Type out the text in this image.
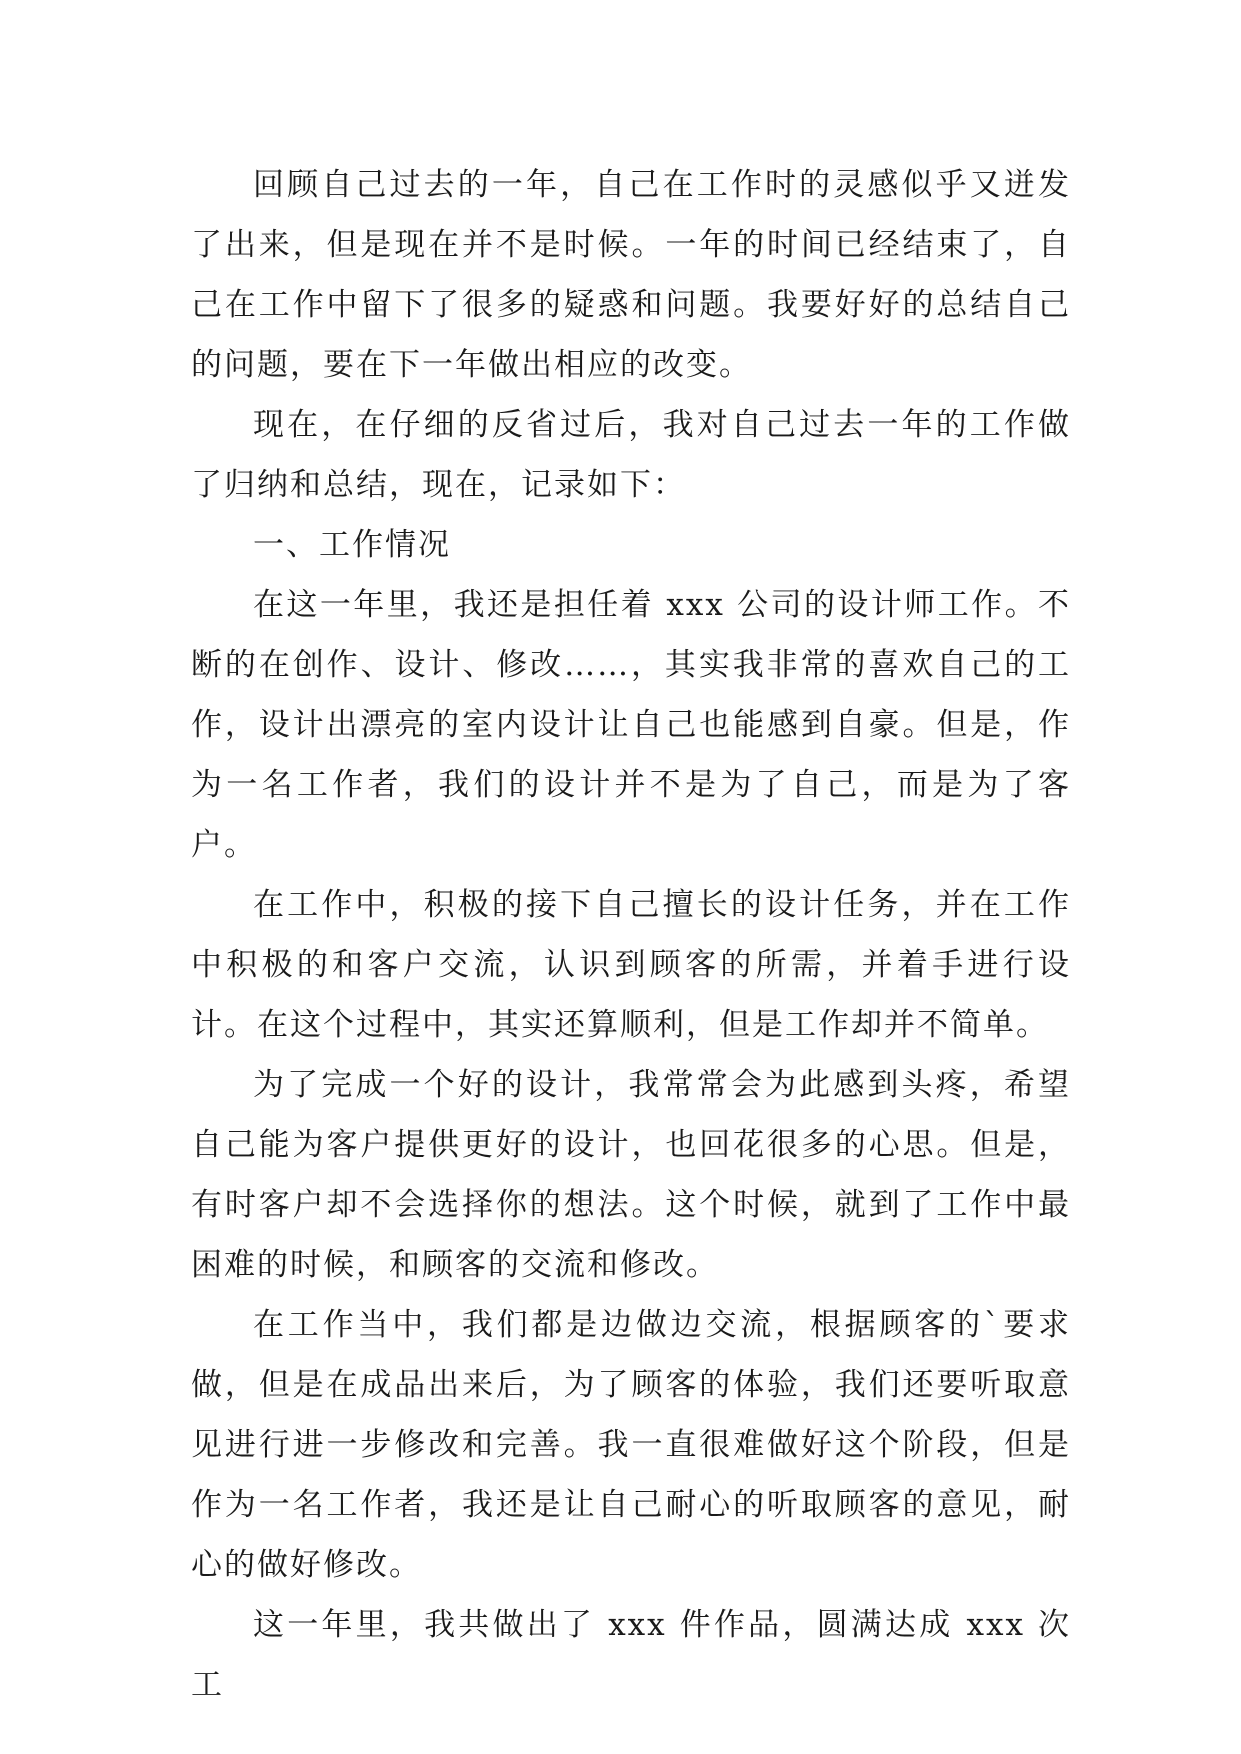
回顾自己过去的一年，自己在工作时的灵感似乎又迸发了出来，但是现在并不是时候。一年的时间已经结束了，自己在工作中留下了很多的疑惑和问题。我要好好的总结自己的问题，要在下一年做出相应的改变。

现在，在仔细的反省过后，我对自己过去一年的工作做了归纳和总结，现在，记录如下：

一、工作情况

在这一年里，我还是担任着 xxx 公司的设计师工作。不断的在创作、设计、修改……，其实我非常的喜欢自己的工作，设计出漂亮的室内设计让自己也能感到自豪。但是，作为一名工作者，我们的设计并不是为了自己，而是为了客户。

在工作中，积极的接下自己擅长的设计任务，并在工作中积极的和客户交流，认识到顾客的所需，并着手进行设计。在这个过程中，其实还算顺利，但是工作却并不简单。

为了完成一个好的设计，我常常会为此感到头疼，希望自己能为客户提供更好的设计，也回花很多的心思。但是，有时客户却不会选择你的想法。这个时候，就到了工作中最困难的时候，和顾客的交流和修改。

在工作当中，我们都是边做边交流，根据顾客的`要求做，但是在成品出来后，为了顾客的体验，我们还要听取意见进行进一步修改和完善。我一直很难做好这个阶段，但是作为一名工作者，我还是让自己耐心的听取顾客的意见，耐心的做好修改。

这一年里，我共做出了 xxx 件作品，圆满达成 xxx 次工
